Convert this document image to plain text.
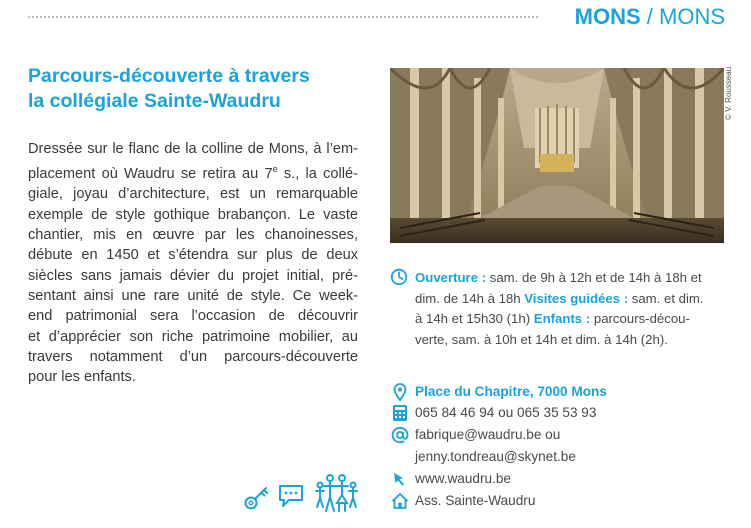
MONS / MONS
Parcours-découverte à travers
la collégiale Sainte-Waudru
Dressée sur le flanc de la colline de Mons, à l’em-
placement où Waudru se retira au 7e s., la collé-
giale, joyau d’architecture, est un remarquable
exemple de style gothique brabançon. Le vaste
chantier, mis en œuvre par les chanoinesses,
débute en 1450 et s’étendra sur plus de deux
siècles sans jamais dévier du projet initial, pré-
sentant ainsi une rare unité de style. Ce week-
end patrimonial sera l’occasion de découvrir
et d’apprécier son riche patrimoine mobilier, au
travers notamment d’un parcours-découverte
pour les enfants.
© V. Rousseau
Ouverture : sam. de 9h à 12h et de 14h à 18h et
dim. de 14h à 18h Visites guidées : sam. et dim.
à 14h et 15h30 (1h) Enfants : parcours-décou-
verte, sam. à 10h et 14h et dim. à 14h (2h).
Place du Chapitre, 7000 Mons
065 84 46 94 ou 065 35 53 93
fabrique@waudru.be ou
jenny.tondreau@skynet.be
www.waudru.be
Ass. Sainte-Waudru
